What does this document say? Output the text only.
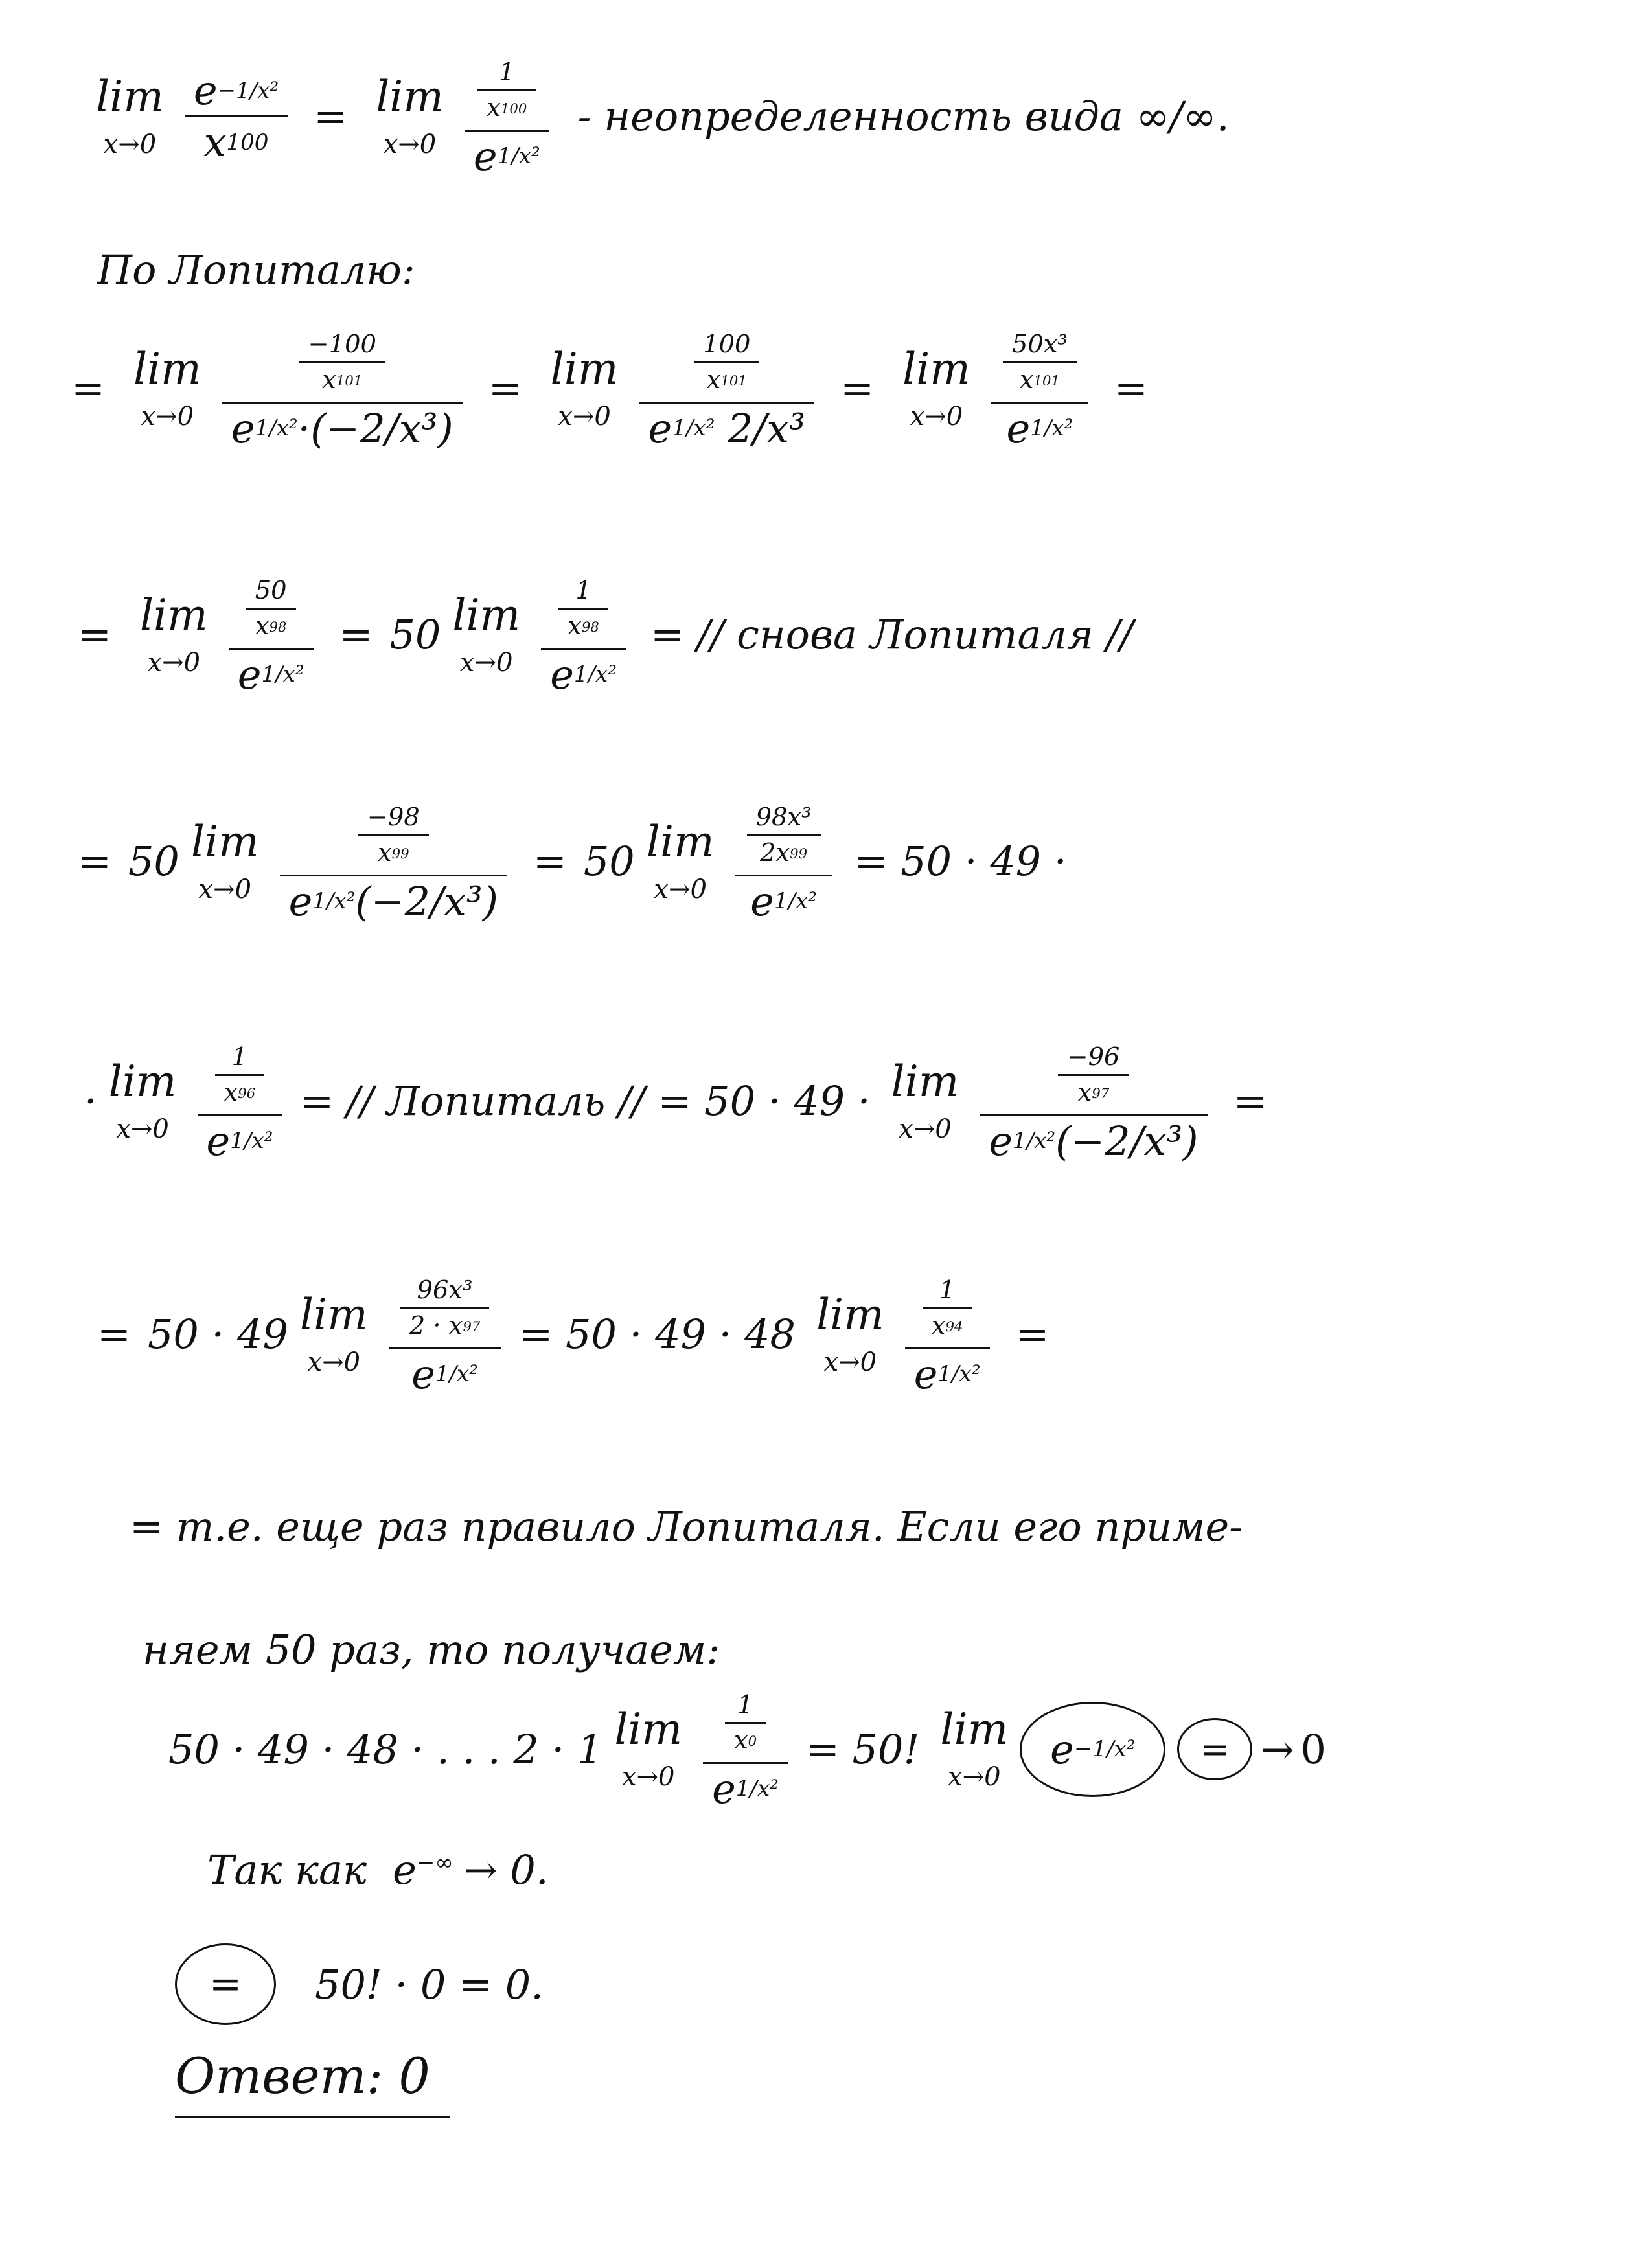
lim
$x\to 0 \frac{\text{e −1/x²}}{x 100} = \lim$
$x\to 0 \frac{\frac{1}{x 100}}{\text{e 1/x²}}$ - неопределенность вида ∞/∞.
По Лопиталю:
= lim
$x\to 0 \frac{\frac{-100}{x 101}}{\text{e 1/x² ·(−2/x³)}} = \lim$
$x\to 0 \frac{100}{x 101}$
e 1/x²
2/x³ = lim
$x\to 0 \frac{\frac{\text{50x³}}{x 101}}{\text{e 1/x²}}$ =
= lim
$x\to 0 \frac{\frac{50}{x 98}}{\text{e 1/x²}} = 50$ lim
$x\to 0 \frac{\frac{1}{x 98}}{\text{e 1/x²}}$ = // снова Лопиталя //
= 50 lim
$x\to 0 \frac{\frac{-98}{x 99}}{\text{e 1/x² (−2/x³)}} = 50$ lim
$x\to 0 \frac{\frac{\text{98x³}}{2x 99}}{\text{e 1/x²}} = 50 \cdot 49$ ·
· lim
$x\to 0 \frac{\frac{1}{x 96}}{\text{e 1/x²}}$ = // Лопиталь // = 50 · 49 · lim
$x\to 0 \frac{\frac{-96}{x 97}}{\text{e 1/x² (−2/x³)}}$ =
= 50 · 49 lim
$x\to 0 \frac{\frac{\text{96x³}}{2 \cdot x 97}}{\text{e 1/x²}} = 50 \cdot 49 \cdot 48$ lim
$x\to 0 \frac{\frac{1}{x 94}}{\text{e 1/x²}}$ =
= т.е. еще раз правило Лопиталя. Если его приме-
няем 50 раз, то получаем:
50 · 49 · 48 · . . . 2 · 1 lim
$x\to 0 \frac{\frac{1}{x 0}}{\text{e 1/x²}} = 50$! lim
x→0
e −1/x²	= → 0
Так как e−∞ → 0.
=	50! · 0 = 0.
Ответ: 0
